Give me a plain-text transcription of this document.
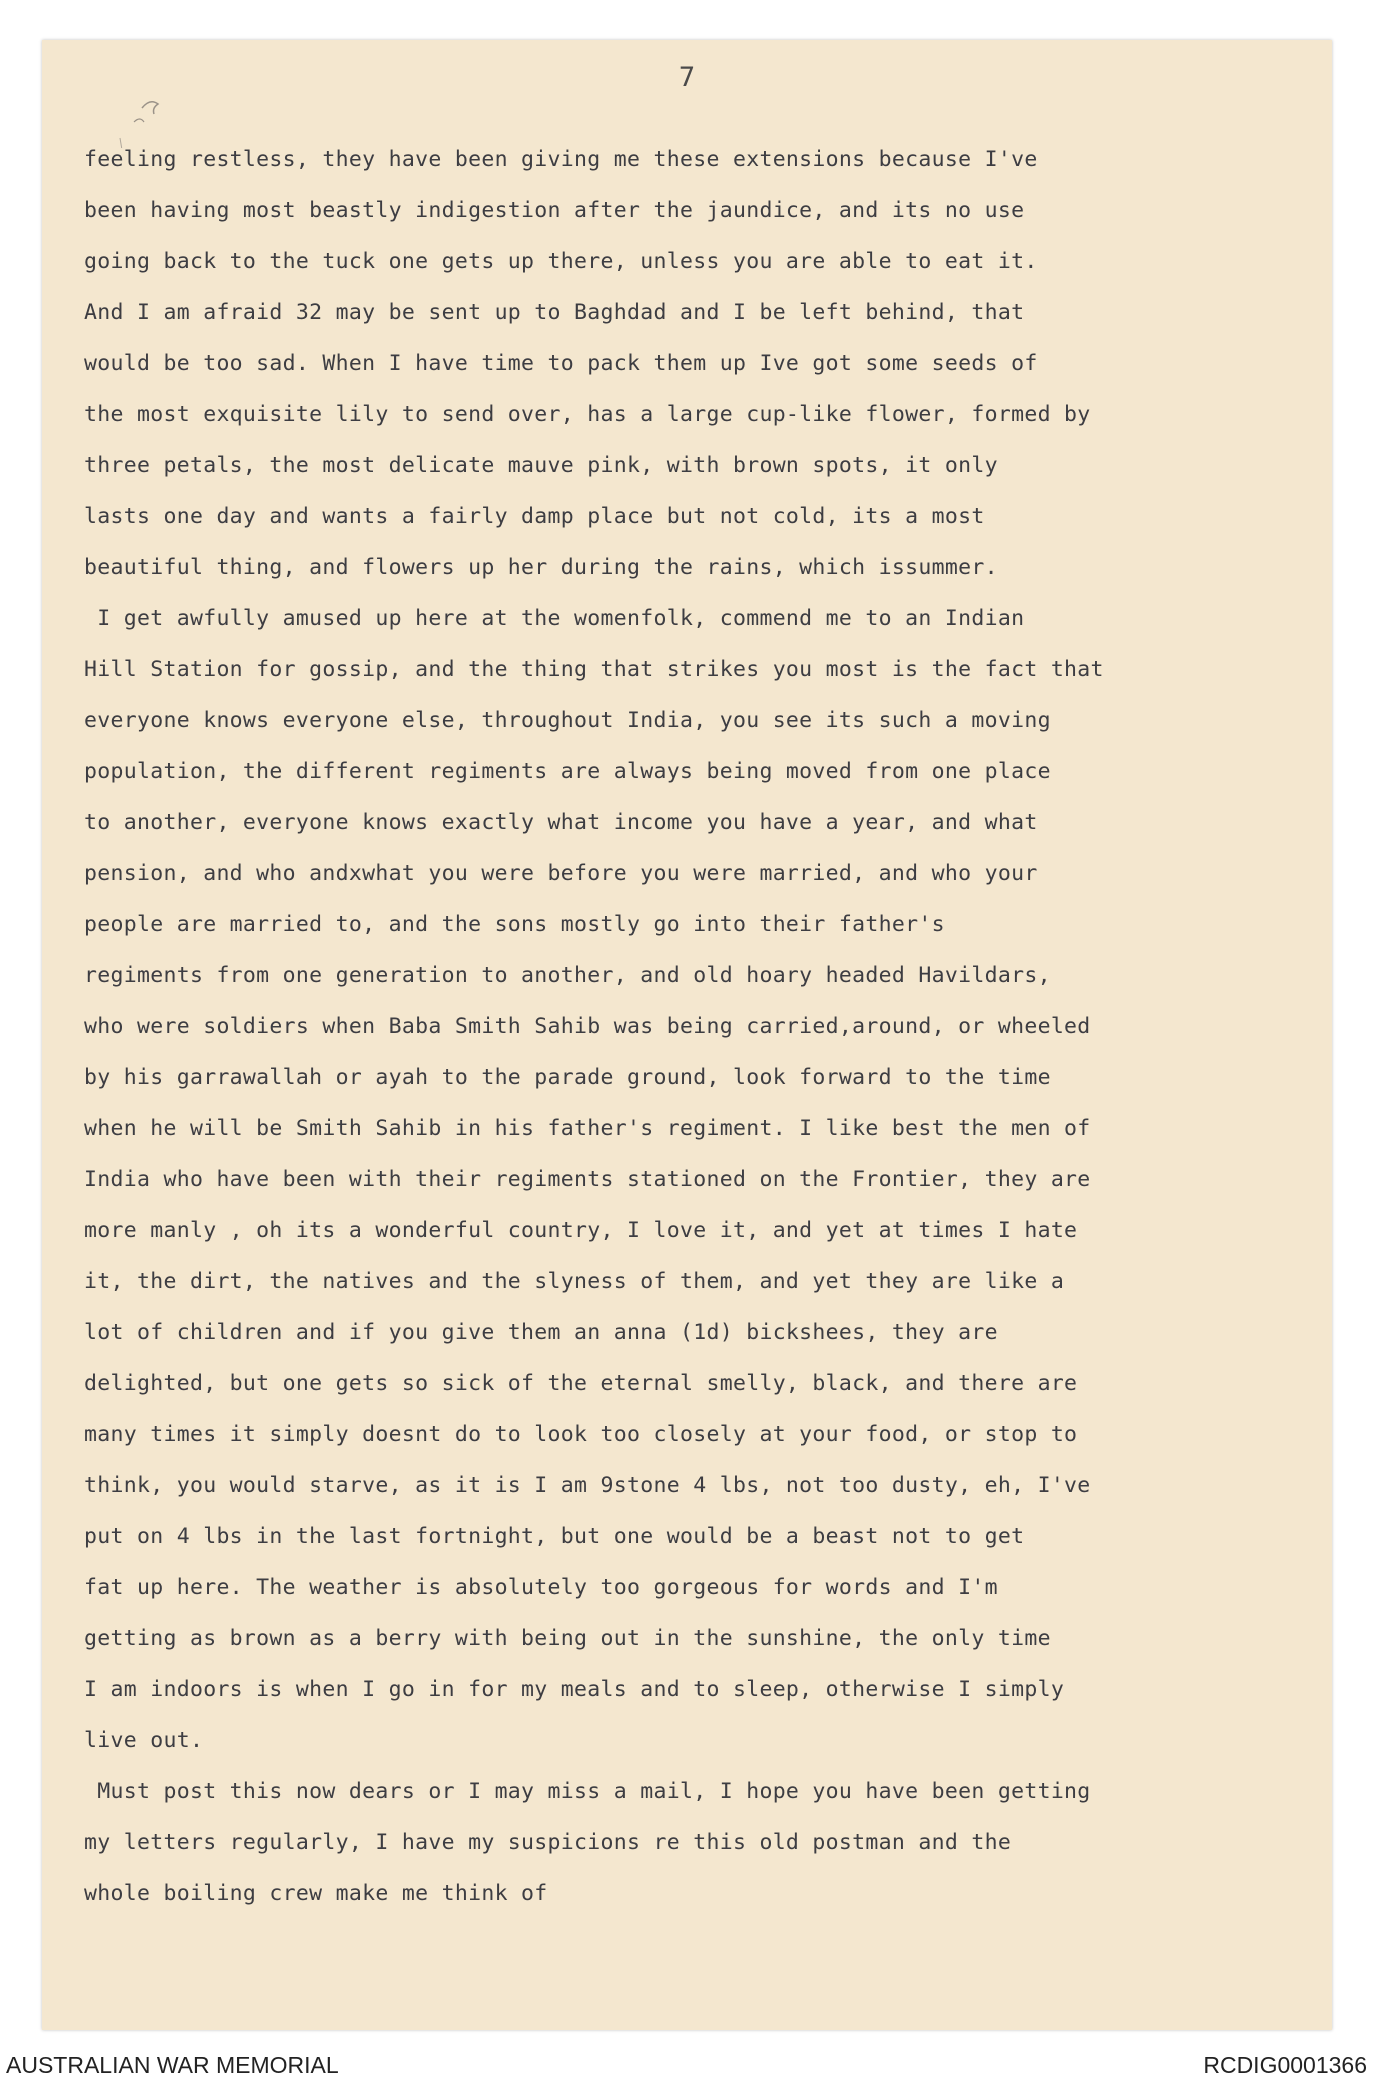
7
feeling restless, they have been giving me these extensions because I've
been having most beastly indigestion after the jaundice, and its no use
going back to the tuck one gets up there, unless you are able to eat it.
And I am afraid 32 may be sent up to Baghdad and I be left behind, that
would be too sad. When I have time to pack them up Ive got some seeds of
the most exquisite lily to send over, has a large cup-like flower, formed by
three petals, the most delicate mauve pink, with brown spots, it only
lasts one day and wants a fairly damp place but not cold, its a most
beautiful thing, and flowers up her during the rains, which issummer.
I get awfully amused up here at the womenfolk, commend me to an Indian
Hill Station for gossip, and the thing that strikes you most is the fact that
everyone knows everyone else, throughout India, you see its such a moving
population, the different regiments are always being moved from one place
to another, everyone knows exactly what income you have a year, and what
pension, and who andxwhat you were before you were married, and who your
people are married to, and the sons mostly go into their father's
regiments from one generation to another, and old hoary headed Havildars,
who were soldiers when Baba Smith Sahib was being carried,around, or wheeled
by his garrawallah or ayah to the parade ground, look forward to the time
when he will be Smith Sahib in his father's regiment. I like best the men of
India who have been with their regiments stationed on the Frontier, they are
more manly , oh its a wonderful country, I love it, and yet at times I hate
it, the dirt, the natives and the slyness of them, and yet they are like a
lot of children and if you give them an anna (1d) bickshees, they are
delighted, but one gets so sick of the eternal smelly, black, and there are
many times it simply doesnt do to look too closely at your food, or stop to
think, you would starve, as it is I am 9stone 4 lbs, not too dusty, eh, I've
put on 4 lbs in the last fortnight, but one would be a beast not to get
fat up here. The weather is absolutely too gorgeous for words and I'm
getting as brown as a berry with being out in the sunshine, the only time
I am indoors is when I go in for my meals and to sleep, otherwise I simply
live out.
Must post this now dears or I may miss a mail, I hope you have been getting
my letters regularly, I have my suspicions re this old postman and the
whole boiling crew make me think of
AUSTRALIAN WAR MEMORIAL	RCDIG0001366
